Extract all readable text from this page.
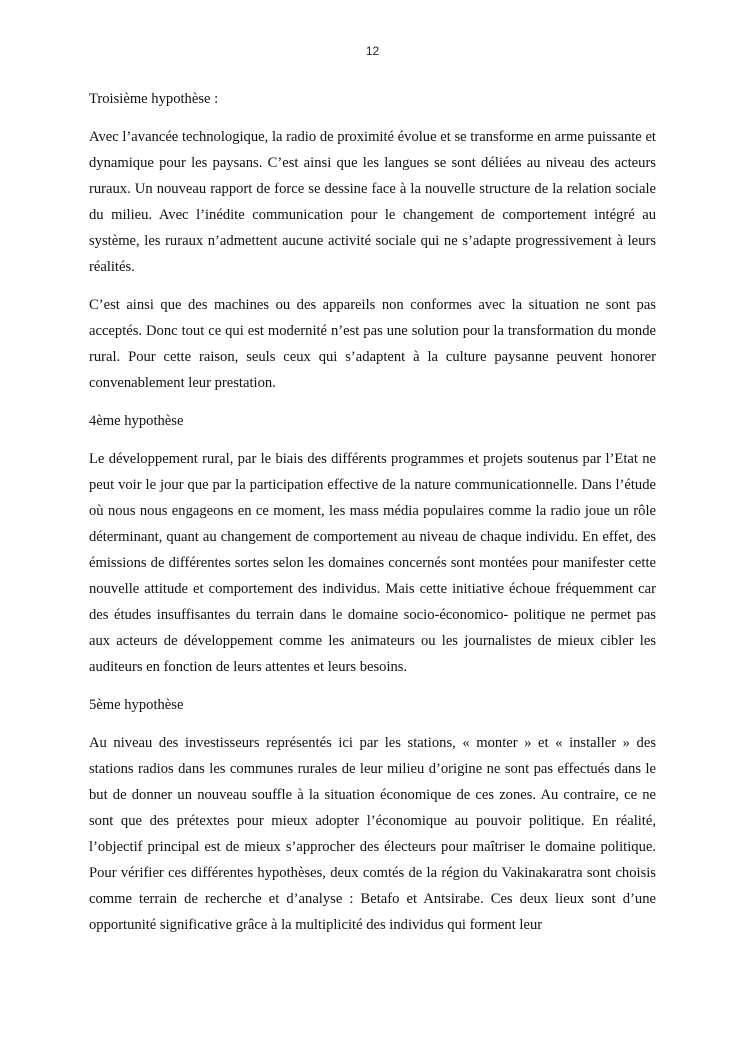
12

Troisième hypothèse :

Avec l’avancée technologique, la radio de proximité évolue et se transforme en arme puissante et dynamique pour les paysans. C’est ainsi que les langues se sont déliées au niveau des acteurs ruraux. Un nouveau rapport de force se dessine face à la nouvelle structure de la relation sociale du milieu. Avec l’inédite communication pour le changement de comportement intégré au système, les ruraux n’admettent aucune activité sociale qui ne s’adapte progressivement à leurs réalités.

C’est ainsi que des machines ou des appareils non conformes avec la situation ne sont pas acceptés. Donc tout ce qui est modernité n’est pas une solution pour la transformation du monde rural. Pour cette raison, seuls ceux qui s’adaptent à la culture paysanne peuvent honorer convenablement leur prestation.

4ème hypothèse

Le développement rural, par le biais des différents programmes et projets soutenus par l’Etat ne peut voir le jour que par la participation effective de la nature communicationnelle. Dans l’étude où nous nous engageons en ce moment, les mass média populaires comme la radio joue un rôle déterminant, quant au changement de comportement au niveau de chaque individu. En effet, des émissions de différentes sortes selon les domaines concernés sont montées pour manifester cette nouvelle attitude et comportement des individus. Mais cette initiative échoue fréquemment car des études insuffisantes du terrain dans le domaine socio-économico- politique ne permet pas aux acteurs de développement comme les animateurs ou les journalistes de mieux cibler les auditeurs en fonction de leurs attentes et leurs besoins.

5ème hypothèse

Au niveau des investisseurs représentés ici par les stations, « monter » et « installer » des stations radios dans les communes rurales de leur milieu d’origine ne sont pas effectués dans le but de donner un nouveau souffle à la situation économique de ces zones. Au contraire, ce ne sont que des prétextes pour mieux adopter l’économique au pouvoir politique. En réalité, l’objectif principal est de mieux s’approcher des électeurs pour maîtriser le domaine politique. Pour vérifier ces différentes hypothèses, deux comtés de la région du Vakinakaratra sont choisis comme terrain de recherche et d’analyse : Betafo et Antsirabe. Ces deux lieux sont d’une opportunité significative grâce à la multiplicité des individus qui forment leur
